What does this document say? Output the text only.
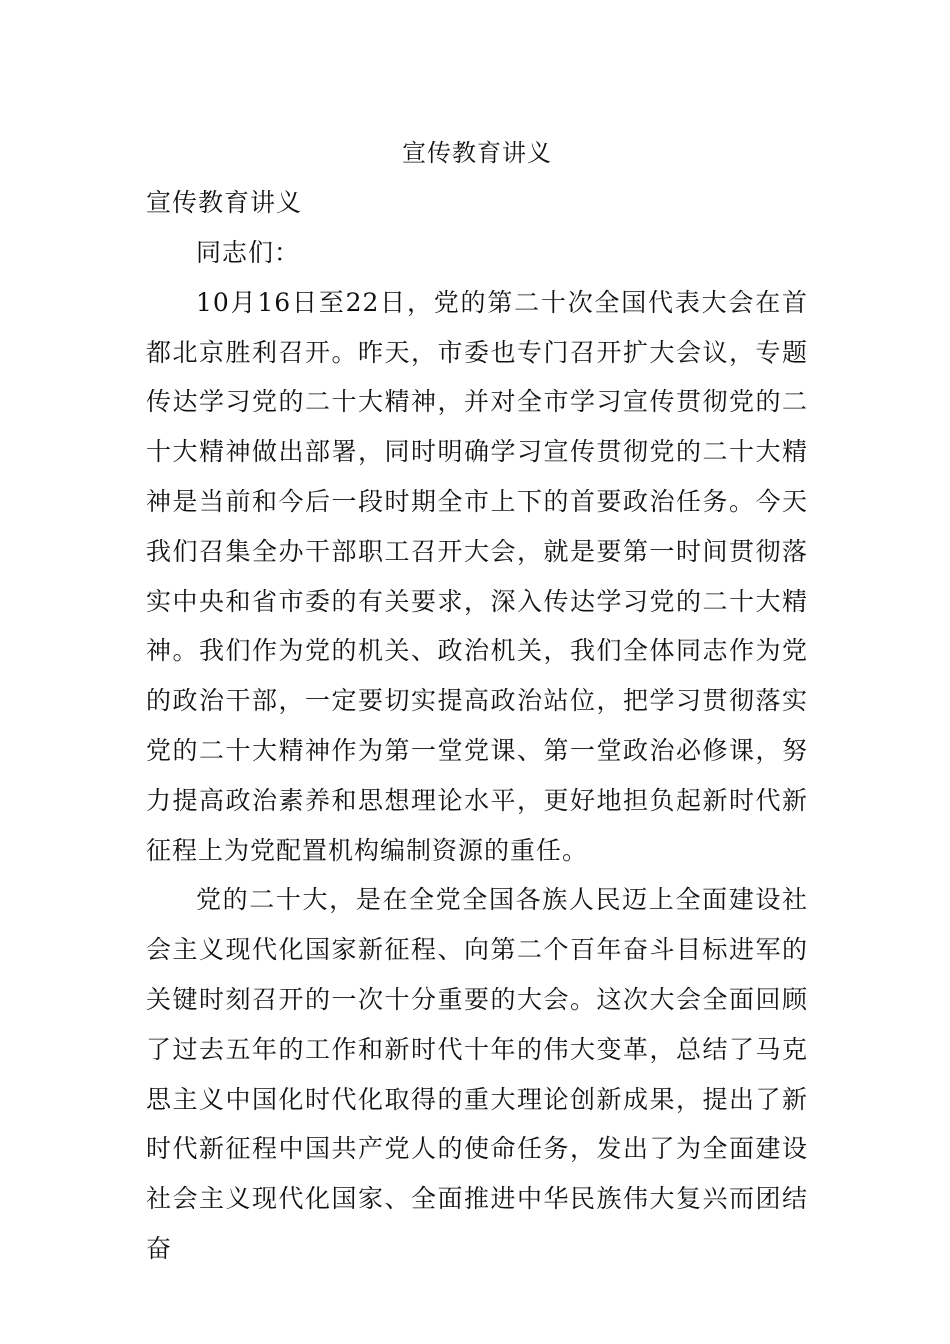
宣传教育讲义

宣传教育讲义

同志们：

10月16日至22日，党的第二十次全国代表大会在首都北京胜利召开。昨天，市委也专门召开扩大会议，专题传达学习党的二十大精神，并对全市学习宣传贯彻党的二十大精神做出部署，同时明确学习宣传贯彻党的二十大精神是当前和今后一段时期全市上下的首要政治任务。今天我们召集全办干部职工召开大会，就是要第一时间贯彻落实中央和省市委的有关要求，深入传达学习党的二十大精神。我们作为党的机关、政治机关，我们全体同志作为党的政治干部，一定要切实提高政治站位，把学习贯彻落实党的二十大精神作为第一堂党课、第一堂政治必修课，努力提高政治素养和思想理论水平，更好地担负起新时代新征程上为党配置机构编制资源的重任。

党的二十大，是在全党全国各族人民迈上全面建设社会主义现代化国家新征程、向第二个百年奋斗目标进军的关键时刻召开的一次十分重要的大会。这次大会全面回顾了过去五年的工作和新时代十年的伟大变革，总结了马克思主义中国化时代化取得的重大理论创新成果，提出了新时代新征程中国共产党人的使命任务，发出了为全面建设社会主义现代化国家、全面推进中华民族伟大复兴而团结奋
